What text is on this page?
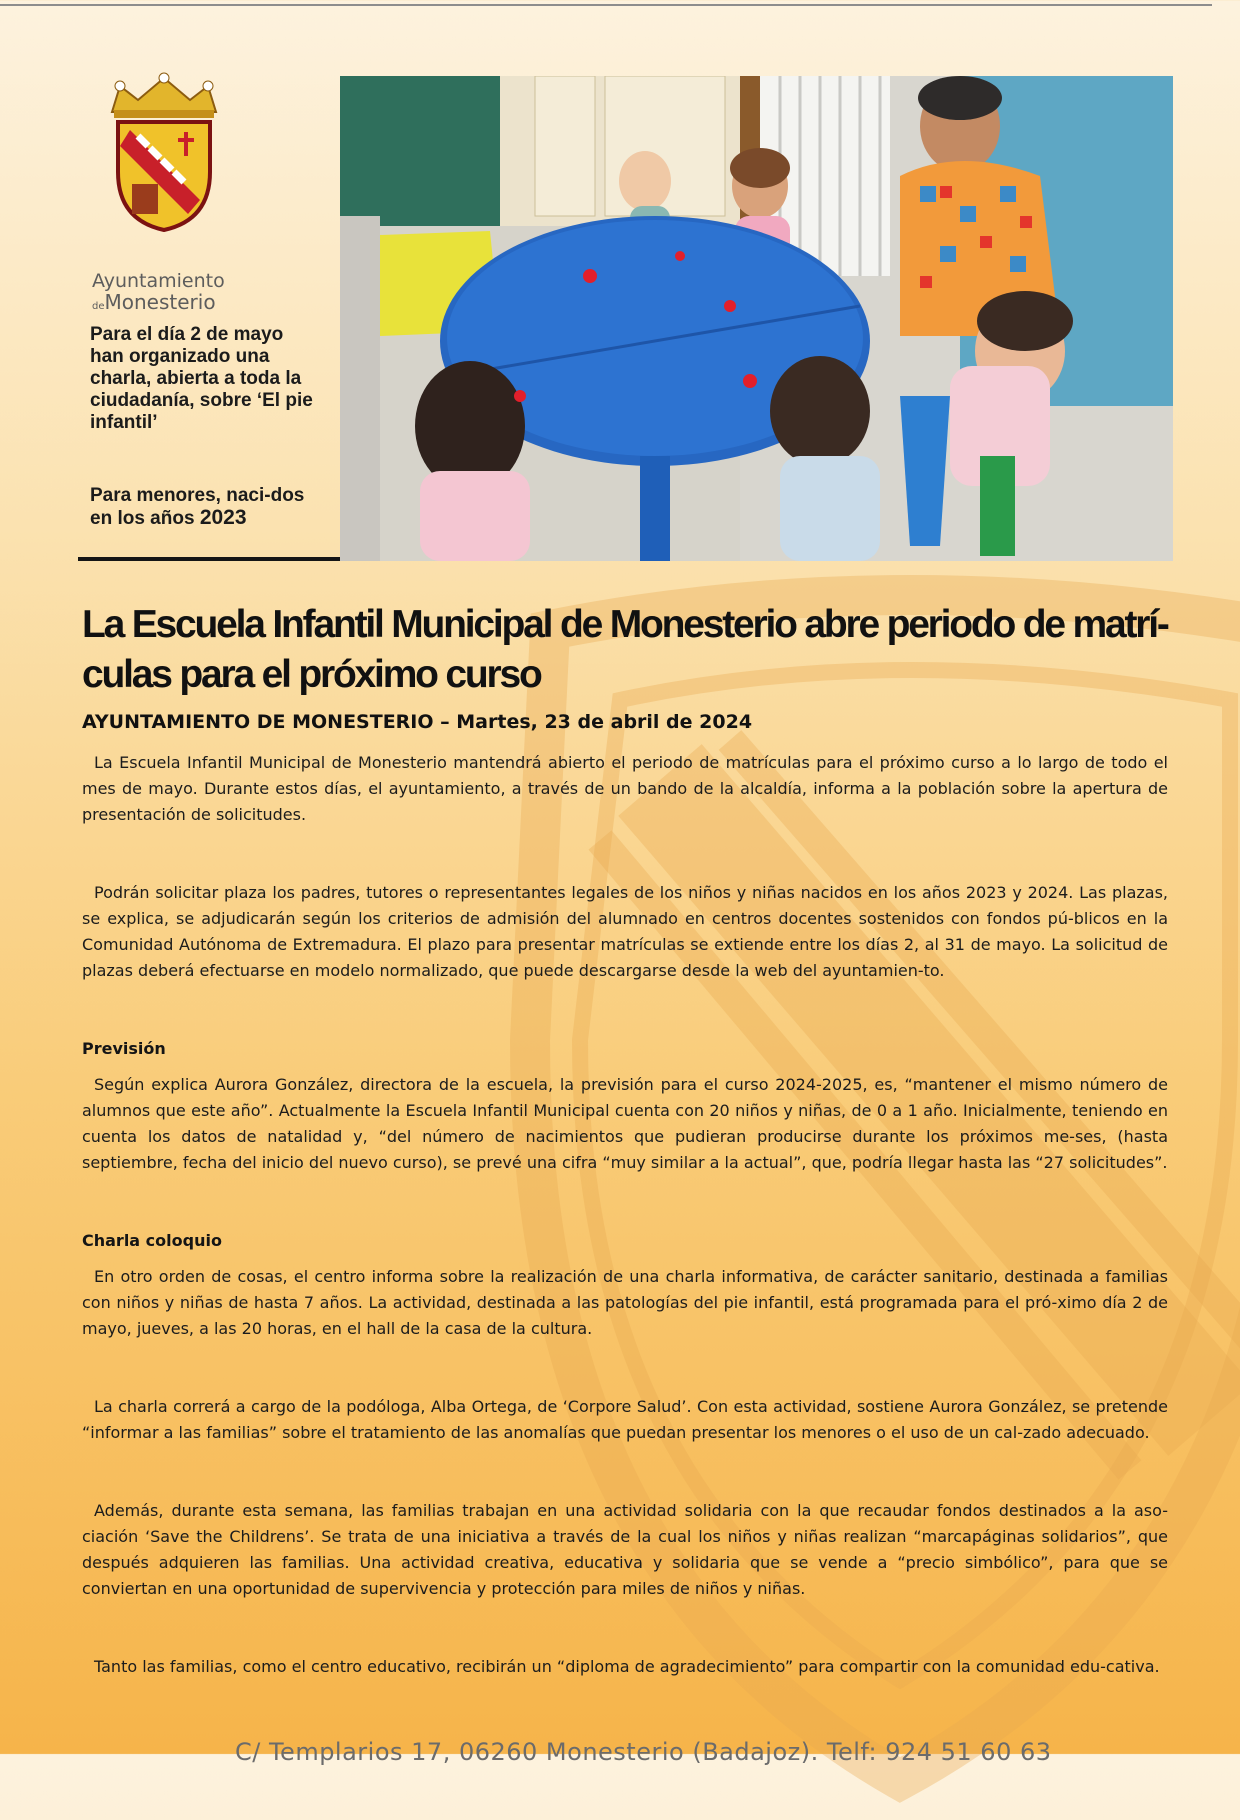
Ayuntamiento
deMonesterio
Para el día 2 de mayo han organizado una charla, abierta a toda la ciudadanía, sobre ‘El pie infantil’
Para menores, naci-dos en los años 2023
La Escuela Infantil Municipal de Monesterio abre periodo de matrí-culas para el próximo curso
AYUNTAMIENTO DE MONESTERIO – Martes, 23 de abril de 2024

La Escuela Infantil Municipal de Monesterio mantendrá abierto el periodo de matrículas para el próximo curso a lo largo de todo el mes de mayo. Durante estos días, el ayuntamiento, a través de un bando de la alcaldía, informa a la población sobre la apertura de presentación de solicitudes.

Podrán solicitar plaza los padres, tutores o representantes legales de los niños y niñas nacidos en los años 2023 y 2024. Las plazas, se explica, se adjudicarán según los criterios de admisión del alumnado en centros docentes sostenidos con fondos pú-blicos en la Comunidad Autónoma de Extremadura. El plazo para presentar matrículas se extiende entre los días 2, al 31 de mayo. La solicitud de plazas deberá efectuarse en modelo normalizado, que puede descargarse desde la web del ayuntamien-to.

Previsión

Según explica Aurora González, directora de la escuela, la previsión para el curso 2024-2025, es, “mantener el mismo número de alumnos que este año”. Actualmente la Escuela Infantil Municipal cuenta con 20 niños y niñas, de 0 a 1 año. Inicialmente, teniendo en cuenta los datos de natalidad y, “del número de nacimientos que pudieran producirse durante los próximos me-ses, (hasta septiembre, fecha del inicio del nuevo curso), se prevé una cifra “muy similar a la actual”, que, podría llegar hasta las “27 solicitudes”.

Charla coloquio

En otro orden de cosas, el centro informa sobre la realización de una charla informativa, de carácter sanitario, destinada a familias con niños y niñas de hasta 7 años. La actividad, destinada a las patologías del pie infantil, está programada para el pró-ximo día 2 de mayo, jueves, a las 20 horas, en el hall de la casa de la cultura.

La charla correrá a cargo de la podóloga, Alba Ortega, de ‘Corpore Salud’. Con esta actividad, sostiene Aurora González, se pretende “informar a las familias” sobre el tratamiento de las anomalías que puedan presentar los menores o el uso de un cal-zado adecuado.

Además, durante esta semana, las familias trabajan en una actividad solidaria con la que recaudar fondos destinados a la aso-ciación ‘Save the Childrens’. Se trata de una iniciativa a través de la cual los niños y niñas realizan “marcapáginas solidarios”, que después adquieren las familias. Una actividad creativa, educativa y solidaria que se vende a “precio simbólico”, para que se conviertan en una oportunidad de supervivencia y protección para miles de niños y niñas.

Tanto las familias, como el centro educativo, recibirán un “diploma de agradecimiento” para compartir con la comunidad edu-cativa.

C/ Templarios 17, 06260 Monesterio (Badajoz). Telf: 924 51 60 63
